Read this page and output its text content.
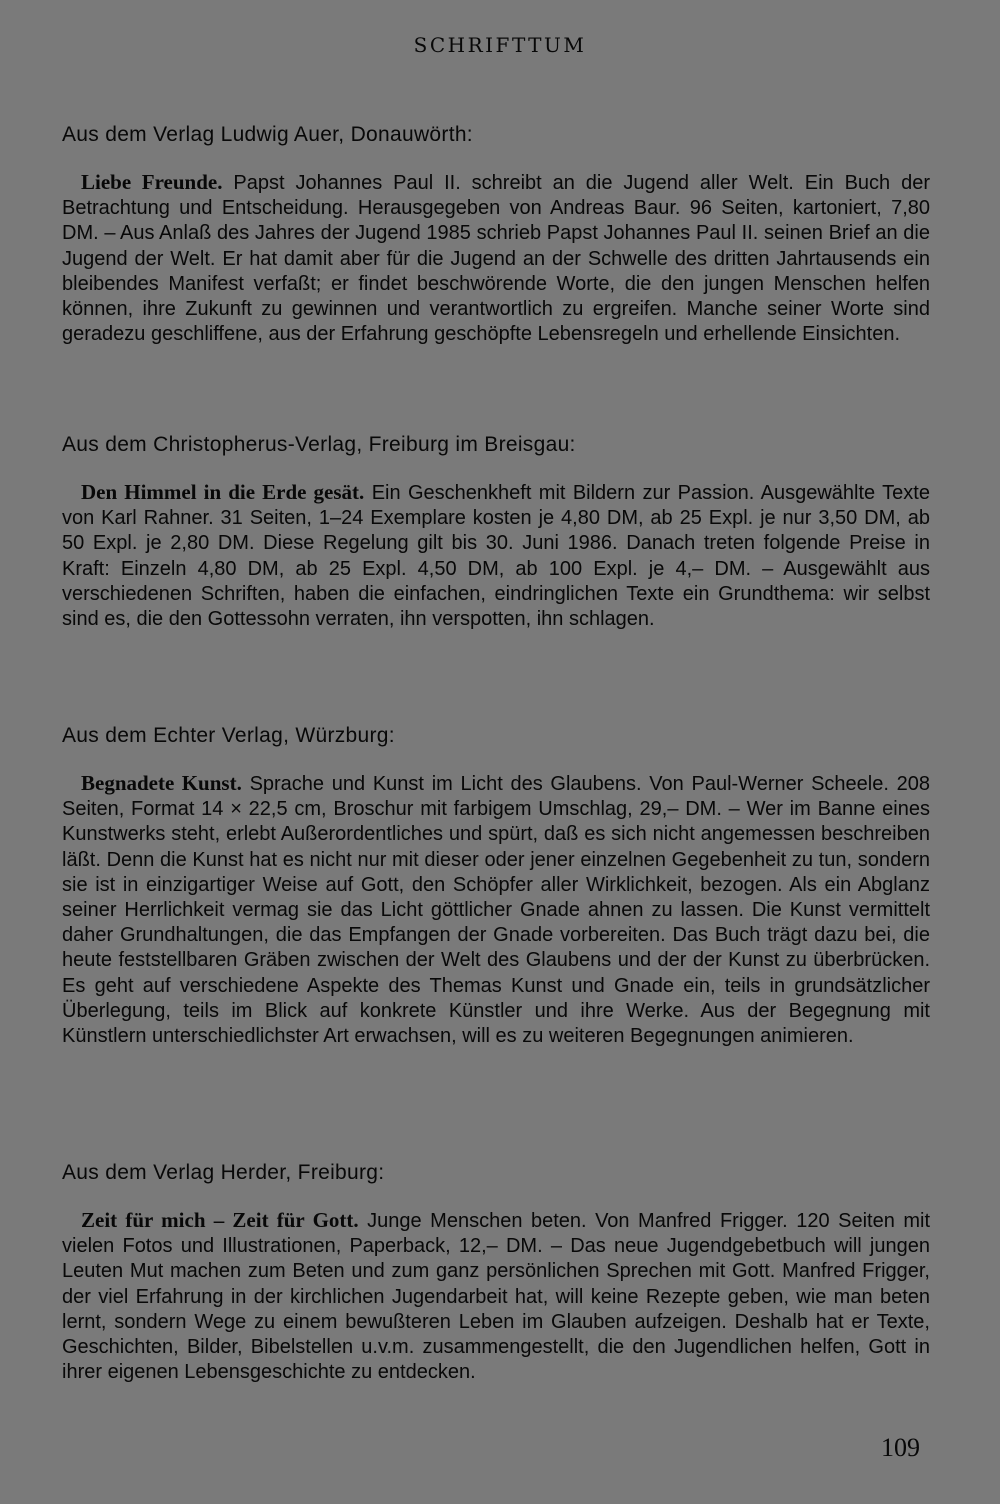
SCHRIFTTUM

Aus dem Verlag Ludwig Auer, Donauwörth:

Liebe Freunde. Papst Johannes Paul II. schreibt an die Jugend aller Welt. Ein Buch der Betrachtung und Entscheidung. Herausgegeben von Andreas Baur. 96 Seiten, kartoniert, 7,80 DM. – Aus Anlaß des Jahres der Jugend 1985 schrieb Papst Johannes Paul II. seinen Brief an die Jugend der Welt. Er hat damit aber für die Jugend an der Schwelle des dritten Jahrtausends ein bleibendes Manifest verfaßt; er findet beschwörende Worte, die den jungen Menschen helfen können, ihre Zukunft zu gewinnen und verantwortlich zu ergreifen. Manche seiner Worte sind geradezu geschliffene, aus der Erfahrung geschöpfte Lebensregeln und erhellende Einsichten.

Aus dem Christopherus-Verlag, Freiburg im Breisgau:

Den Himmel in die Erde gesät. Ein Geschenkheft mit Bildern zur Passion. Ausgewählte Texte von Karl Rahner. 31 Seiten, 1–24 Exemplare kosten je 4,80 DM, ab 25 Expl. je nur 3,50 DM, ab 50 Expl. je 2,80 DM. Diese Regelung gilt bis 30. Juni 1986. Danach treten folgende Preise in Kraft: Einzeln 4,80 DM, ab 25 Expl. 4,50 DM, ab 100 Expl. je 4,– DM. – Ausgewählt aus verschiedenen Schriften, haben die einfachen, eindringlichen Texte ein Grundthema: wir selbst sind es, die den Gottessohn verraten, ihn verspotten, ihn schlagen.

Aus dem Echter Verlag, Würzburg:

Begnadete Kunst. Sprache und Kunst im Licht des Glaubens. Von Paul-Werner Scheele. 208 Seiten, Format 14 × 22,5 cm, Broschur mit farbigem Umschlag, 29,– DM. – Wer im Banne eines Kunstwerks steht, erlebt Außerordentliches und spürt, daß es sich nicht angemessen beschreiben läßt. Denn die Kunst hat es nicht nur mit dieser oder jener einzelnen Gegebenheit zu tun, sondern sie ist in einzigartiger Weise auf Gott, den Schöpfer aller Wirklichkeit, bezogen. Als ein Abglanz seiner Herrlichkeit vermag sie das Licht göttlicher Gnade ahnen zu lassen. Die Kunst vermittelt daher Grundhaltungen, die das Empfangen der Gnade vorbereiten. Das Buch trägt dazu bei, die heute feststellbaren Gräben zwischen der Welt des Glaubens und der der Kunst zu überbrücken. Es geht auf verschiedene Aspekte des Themas Kunst und Gnade ein, teils in grundsätzlicher Überlegung, teils im Blick auf konkrete Künstler und ihre Werke. Aus der Begegnung mit Künstlern unterschiedlichster Art erwachsen, will es zu weiteren Begegnungen animieren.

Aus dem Verlag Herder, Freiburg:

Zeit für mich – Zeit für Gott. Junge Menschen beten. Von Manfred Frigger. 120 Seiten mit vielen Fotos und Illustrationen, Paperback, 12,– DM. – Das neue Jugendgebetbuch will jungen Leuten Mut machen zum Beten und zum ganz persönlichen Sprechen mit Gott. Manfred Frigger, der viel Erfahrung in der kirchlichen Jugendarbeit hat, will keine Rezepte geben, wie man beten lernt, sondern Wege zu einem bewußteren Leben im Glauben aufzeigen. Deshalb hat er Texte, Geschichten, Bilder, Bibelstellen u.v.m. zusammengestellt, die den Jugendlichen helfen, Gott in ihrer eigenen Lebensgeschichte zu entdecken.

109
